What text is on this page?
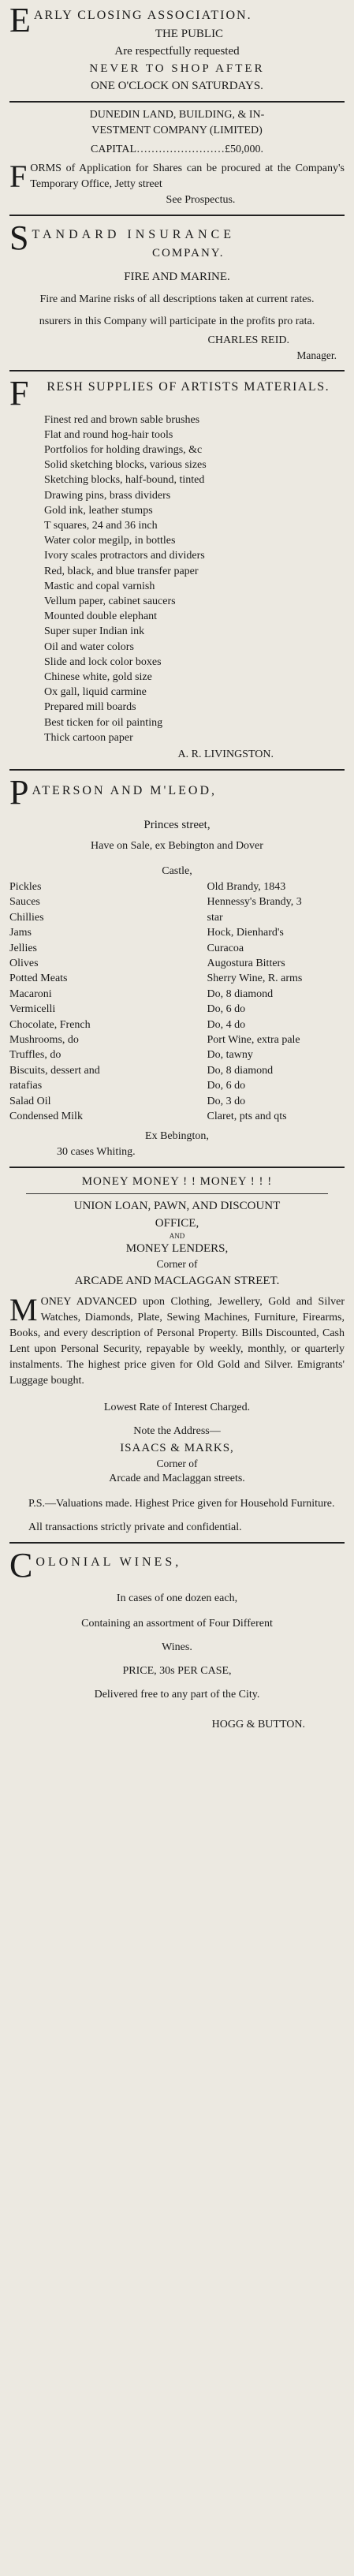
E ARLY CLOSING ASSOCIATION.
THE PUBLIC
Are respectfully requested
NEVER TO SHOP AFTER
ONE O'CLOCK ON SATURDAYS.
DUNEDIN LAND, BUILDING, & IN-
VESTMENT COMPANY (LIMITED)
CAPITAL……………………£50,000.
F ORMS of Application for Shares can be procured at the Company's Temporary Office, Jetty street
See Prospectus.
S TANDARD INSURANCE
COMPANY.
FIRE AND MARINE.
Fire and Marine risks of all descriptions taken at current rates.
nsurers in this Company will participate in the profits pro rata.
CHARLES REID.
Manager.
F	RESH SUPPLIES OF ARTISTS MATERIALS.
Finest red and brown sable brushes
Flat and round hog-hair tools
Portfolios for holding drawings, &c
Solid sketching blocks, various sizes
Sketching blocks, half-bound, tinted
Drawing pins, brass dividers
Gold ink, leather stumps
T squares, 24 and 36 inch
Water color megilp, in bottles
Ivory scales protractors and dividers
Red, black, and blue transfer paper
Mastic and copal varnish
Vellum paper, cabinet saucers
Mounted double elephant
Super super Indian ink
Oil and water colors
Slide and lock color boxes
Chinese white, gold size
Ox gall, liquid carmine
Prepared mill boards
Best ticken for oil painting
Thick cartoon paper
A. R. LIVINGSTON.
P ATERSON AND M'LEOD,
Princes street,
Have on Sale, ex Bebington and Dover
Castle,
Pickles	Old Brandy, 1843
Sauces	Hennessy's Brandy, 3
Chillies	star
Jams	Hock, Dienhard's
Jellies	Curacoa
Olives	Augostura Bitters
Potted Meats	Sherry Wine, R. arms
Macaroni	Do, 8 diamond
Vermicelli	Do, 6 do
Chocolate, French	Do, 4 do
Mushrooms, do	Port Wine, extra pale
Truffles, do	Do, tawny
Biscuits, dessert and	Do, 8 diamond
ratafias	Do, 6 do
Salad Oil	Do, 3 do
Condensed Milk	Claret, pts and qts
Ex Bebington,
30 cases Whiting.
MONEY MONEY ! ! MONEY ! ! !
UNION LOAN, PAWN, AND DISCOUNT
OFFICE,
AND
MONEY LENDERS,
Corner of
ARCADE AND MACLAGGAN STREET.
M ONEY ADVANCED upon Clothing, Jewellery, Gold and Silver Watches, Diamonds, Plate, Sewing Machines, Furniture, Firearms, Books, and every description of Personal Property. Bills Discounted, Cash Lent upon Personal Security, repayable by weekly, monthly, or quarterly instalments. The highest price given for Old Gold and Silver. Emigrants' Luggage bought.
Lowest Rate of Interest Charged.
Note the Address—
ISAACS & MARKS,
Corner of
Arcade and Maclaggan streets.
P.S.—Valuations made. Highest Price given for Household Furniture.
All transactions strictly private and confidential.
C OLONIAL WINES,
In cases of one dozen each,
Containing an assortment of Four Different
Wines.
PRICE, 30s PER CASE,
Delivered free to any part of the City.
HOGG & BUTTON.
